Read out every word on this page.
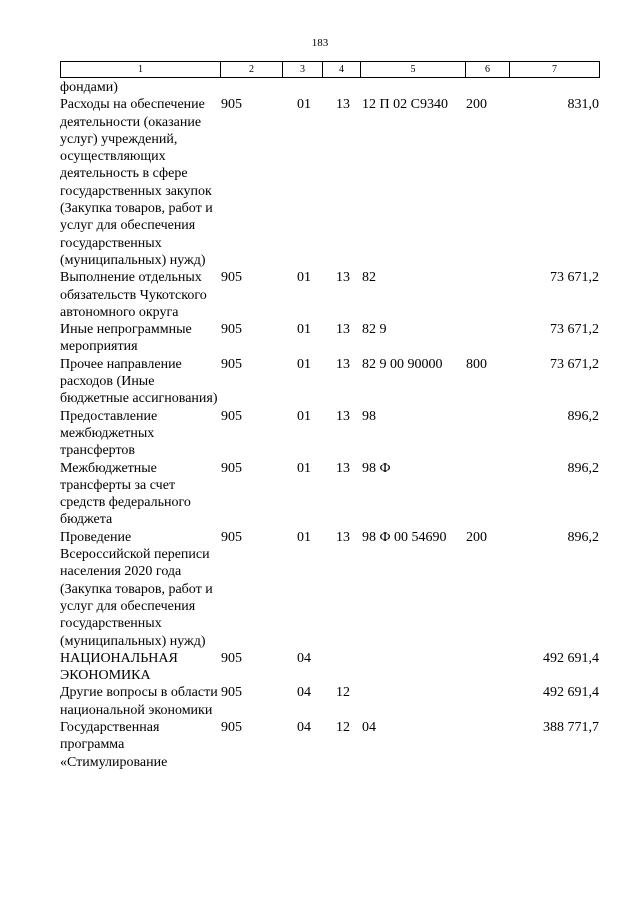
183
1	2	3	4	5	6	7
фондами)						
Расходы на обеспечение деятельности (оказание услуг) учреждений, осуществляющих деятельность в сфере государственных закупок (Закупка товаров, работ и услуг для обеспечения государственных (муниципальных) нужд)	905	01	13	12 П 02 С9340	200	831,0
Выполнение отдельных обязательств Чукотского автономного округа	905	01	13	82		73 671,2
Иные непрограммные мероприятия	905	01	13	82 9		73 671,2
Прочее направление расходов (Иные бюджетные ассигнования)	905	01	13	82 9 00 90000	800	73 671,2
Предоставление межбюджетных трансфертов	905	01	13	98		896,2
Межбюджетные трансферты за счет средств федерального бюджета	905	01	13	98 Ф		896,2
Проведение Всероссийской переписи населения 2020 года (Закупка товаров, работ и услуг для обеспечения государственных (муниципальных) нужд)	905	01	13	98 Ф 00 54690	200	896,2
НАЦИОНАЛЬНАЯ ЭКОНОМИКА	905	04				492 691,4
Другие вопросы в области национальной экономики	905	04	12			492 691,4
Государственная программа «Стимулирование	905	04	12	04		388 771,7
